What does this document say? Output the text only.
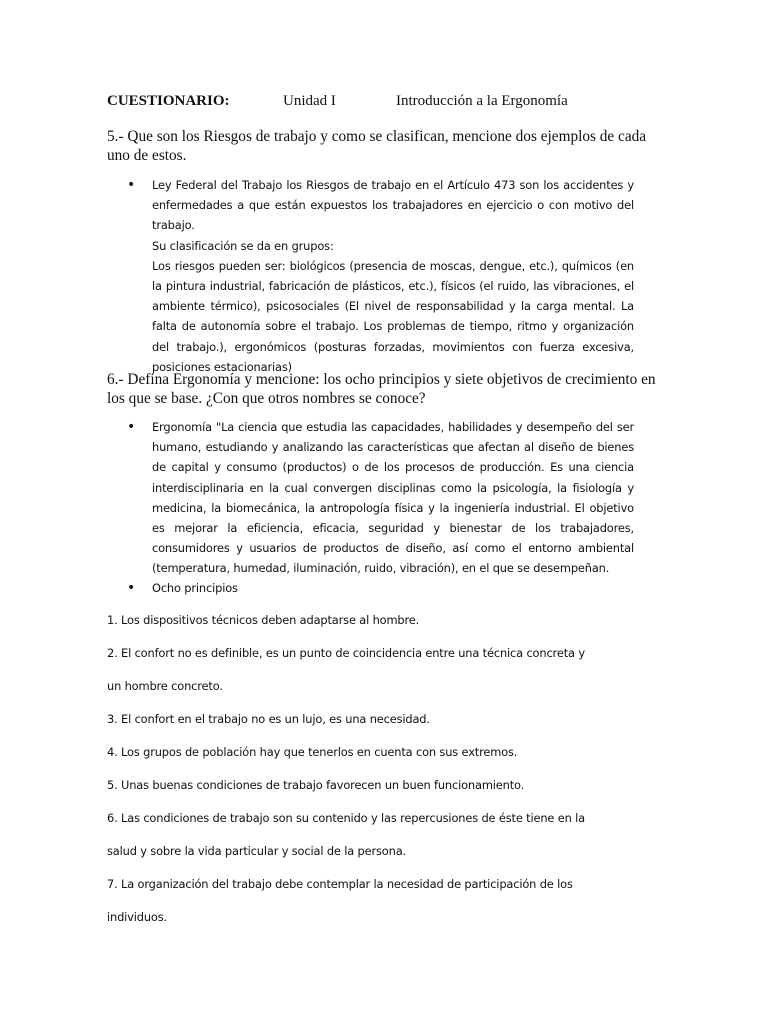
CUESTIONARIO:	Unidad I	Introducción a la Ergonomía
5.- Que son los Riesgos de trabajo y como se clasifican, mencione dos ejemplos de cada uno de estos.
• Ley Federal del Trabajo los Riesgos de trabajo en el Artículo 473 son los accidentes y enfermedades a que están expuestos los trabajadores en ejercicio o con motivo del trabajo.

Su clasificación se da en grupos:

Los riesgos pueden ser: biológicos (presencia de moscas, dengue, etc.), químicos (en la pintura industrial, fabricación de plásticos, etc.), físicos (el ruido, las vibraciones, el ambiente térmico), psicosociales (El nivel de responsabilidad y la carga mental. La falta de autonomía sobre el trabajo. Los problemas de tiempo, ritmo y organización del trabajo.), ergonómicos (posturas forzadas, movimientos con fuerza excesiva, posiciones estacionarias)

6.- Defina Ergonomía y mencione: los ocho principios y siete objetivos de crecimiento en los que se base. ¿Con que otros nombres se conoce?
• Ergonomía "La ciencia que estudia las capacidades, habilidades y desempeño del ser humano, estudiando y analizando las características que afectan al diseño de bienes de capital y consumo (productos) o de los procesos de producción. Es una ciencia interdisciplinaria en la cual convergen disciplinas como la psicología, la fisiología y medicina, la biomecánica, la antropología física y la ingeniería industrial. El objetivo es mejorar la eficiencia, eficacia, seguridad y bienestar de los trabajadores, consumidores y usuarios de productos de diseño, así como el entorno ambiental (temperatura, humedad, iluminación, ruido, vibración), en el que se desempeñan.

• Ocho principios

1. Los dispositivos técnicos deben adaptarse al hombre.
2. El confort no es definible, es un punto de coincidencia entre una técnica concreta y
un hombre concreto.
3. El confort en el trabajo no es un lujo, es una necesidad.
4. Los grupos de población hay que tenerlos en cuenta con sus extremos.
5. Unas buenas condiciones de trabajo favorecen un buen funcionamiento.
6. Las condiciones de trabajo son su contenido y las repercusiones de éste tiene en la
salud y sobre la vida particular y social de la persona.
7. La organización del trabajo debe contemplar la necesidad de participación de los
individuos.
